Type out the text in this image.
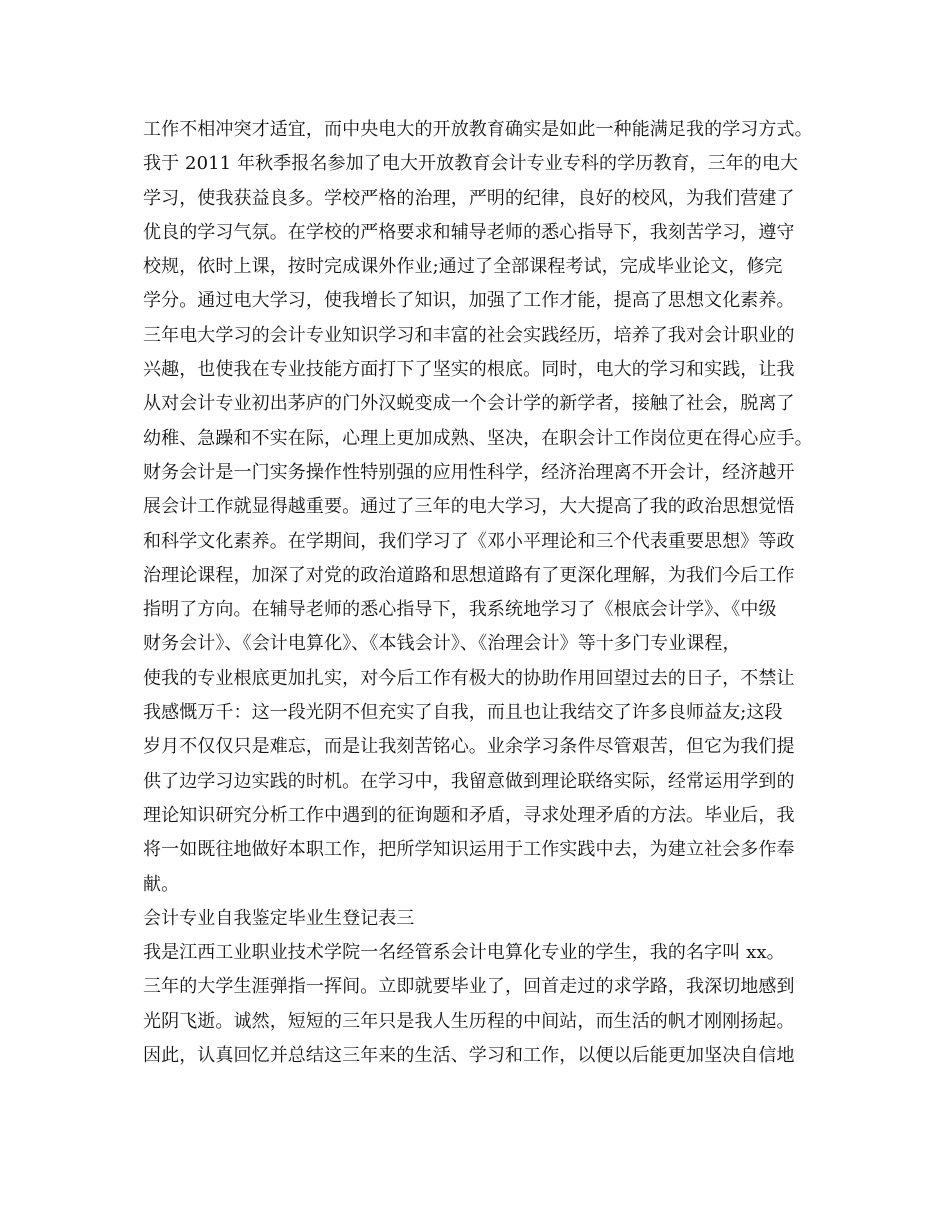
工作不相冲突才适宜，而中央电大的开放教育确实是如此一种能满足我的学习方式。
我于 2011 年秋季报名参加了电大开放教育会计专业专科的学历教育，三年的电大
学习，使我获益良多。学校严格的治理，严明的纪律，良好的校风，为我们营建了
优良的学习气氛。在学校的严格要求和辅导老师的悉心指导下，我刻苦学习，遵守
校规，依时上课，按时完成课外作业;通过了全部课程考试，完成毕业论文，修完
学分。通过电大学习，使我增长了知识，加强了工作才能，提高了思想文化素养。
三年电大学习的会计专业知识学习和丰富的社会实践经历，培养了我对会计职业的
兴趣，也使我在专业技能方面打下了坚实的根底。同时，电大的学习和实践，让我
从对会计专业初出茅庐的门外汉蜕变成一个会计学的新学者，接触了社会，脱离了
幼稚、急躁和不实在际，心理上更加成熟、坚决，在职会计工作岗位更在得心应手。
财务会计是一门实务操作性特别强的应用性科学，经济治理离不开会计，经济越开
展会计工作就显得越重要。通过了三年的电大学习，大大提高了我的政治思想觉悟
和科学文化素养。在学期间，我们学习了《邓小平理论和三个代表重要思想》等政
治理论课程，加深了对党的政治道路和思想道路有了更深化理解，为我们今后工作
指明了方向。在辅导老师的悉心指导下，我系统地学习了《根底会计学》、《中级
财务会计》、《会计电算化》、《本钱会计》、《治理会计》等十多门专业课程，
使我的专业根底更加扎实，对今后工作有极大的协助作用回望过去的日子，不禁让
我感慨万千：这一段光阴不但充实了自我，而且也让我结交了许多良师益友;这段
岁月不仅仅只是难忘，而是让我刻苦铭心。业余学习条件尽管艰苦，但它为我们提
供了边学习边实践的时机。在学习中，我留意做到理论联络实际，经常运用学到的
理论知识研究分析工作中遇到的征询题和矛盾，寻求处理矛盾的方法。毕业后，我
将一如既往地做好本职工作，把所学知识运用于工作实践中去，为建立社会多作奉
献。
会计专业自我鉴定毕业生登记表三
我是江西工业职业技术学院一名经管系会计电算化专业的学生，我的名字叫 xx。
三年的大学生涯弹指一挥间。立即就要毕业了，回首走过的求学路，我深切地感到
光阴飞逝。诚然，短短的三年只是我人生历程的中间站，而生活的帆才刚刚扬起。
因此，认真回忆并总结这三年来的生活、学习和工作，以便以后能更加坚决自信地
